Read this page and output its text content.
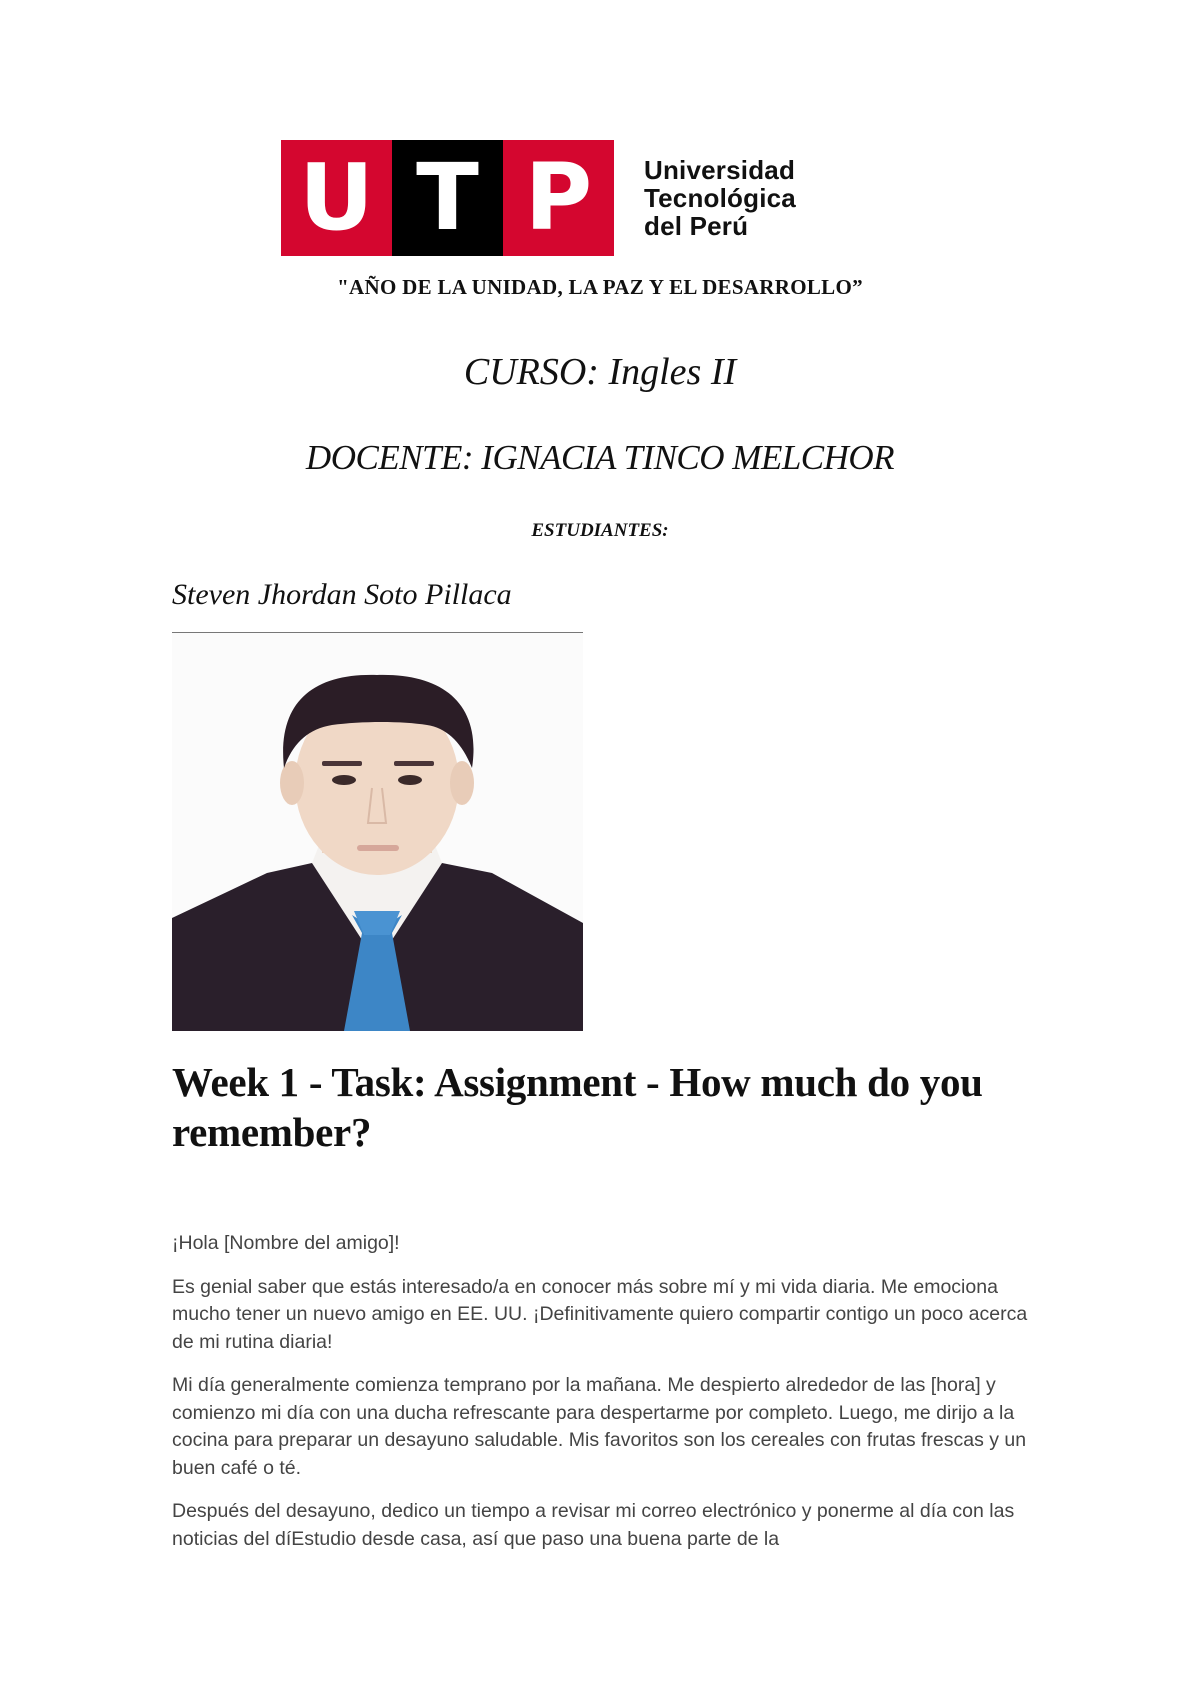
U T P	Universidad
Tecnológica
del Perú
"AÑO DE LA UNIDAD, LA PAZ Y EL DESARROLLO”
CURSO: Ingles II
DOCENTE: IGNACIA TINCO MELCHOR
ESTUDIANTES:
Steven Jhordan Soto Pillaca
Week 1 - Task: Assignment - How much do you remember?

¡Hola [Nombre del amigo]!

Es genial saber que estás interesado/a en conocer más sobre mí y mi vida diaria. Me emociona mucho tener un nuevo amigo en EE. UU. ¡Definitivamente quiero compartir contigo un poco acerca de mi rutina diaria!

Mi día generalmente comienza temprano por la mañana. Me despierto alrededor de las [hora] y comienzo mi día con una ducha refrescante para despertarme por completo. Luego, me dirijo a la cocina para preparar un desayuno saludable. Mis favoritos son los cereales con frutas frescas y un buen café o té.

Después del desayuno, dedico un tiempo a revisar mi correo electrónico y ponerme al día con las noticias del díEstudio desde casa, así que paso una buena parte de la
